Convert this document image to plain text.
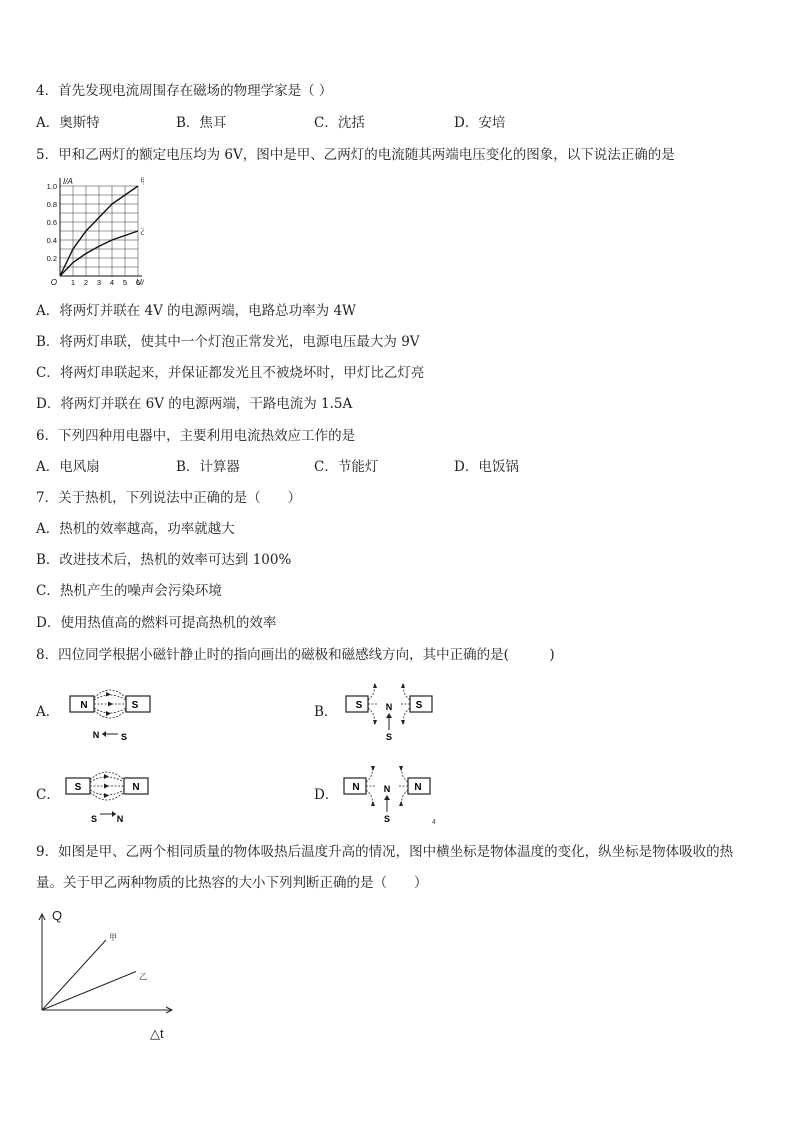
4．首先发现电流周围存在磁场的物理学家是（ ）
A．奥斯特	B．焦耳	C．沈括	D．安培
5．甲和乙两灯的额定电压均为 6V，图中是甲、乙两灯的电流随其两端电压变化的图象，以下说法正确的是
1.0
0.8
0.6
0.4
0.2
1 2 3 4 5 6
O
I/A
U/
A．将两灯并联在 4V 的电源两端，电路总功率为 4W
B．将两灯串联，使其中一个灯泡正常发光，电源电压最大为 9V
C．将两灯串联起来，并保证都发光且不被烧坏时，甲灯比乙灯亮
D．将两灯并联在 6V 的电源两端，干路电流为 1.5A
6．下列四种用电器中，主要利用电流热效应工作的是
A．电风扇	B．计算器	C．节能灯	D．电饭锅
7．关于热机，下列说法中正确的是（　　）
A．热机的效率越高，功率就越大
B．改进技术后，热机的效率可达到 100%
C．热机产生的噪声会污染环境
D．使用热值高的燃料可提高热机的效率
8．四位同学根据小磁针静止时的指向画出的磁极和磁感线方向，其中正确的是(　　　)
A．	B．
C．	D．
N	S
N S
S	S
N
S
S	N
S N
N	N
N
S	4
9．如图是甲、乙两个相同质量的物体吸热后温度升高的情况，图中横坐标是物体温度的变化，纵坐标是物体吸收的热
量。关于甲乙两种物质的比热容的大小下列判断正确的是（　　）
Q
△t
甲
乙
